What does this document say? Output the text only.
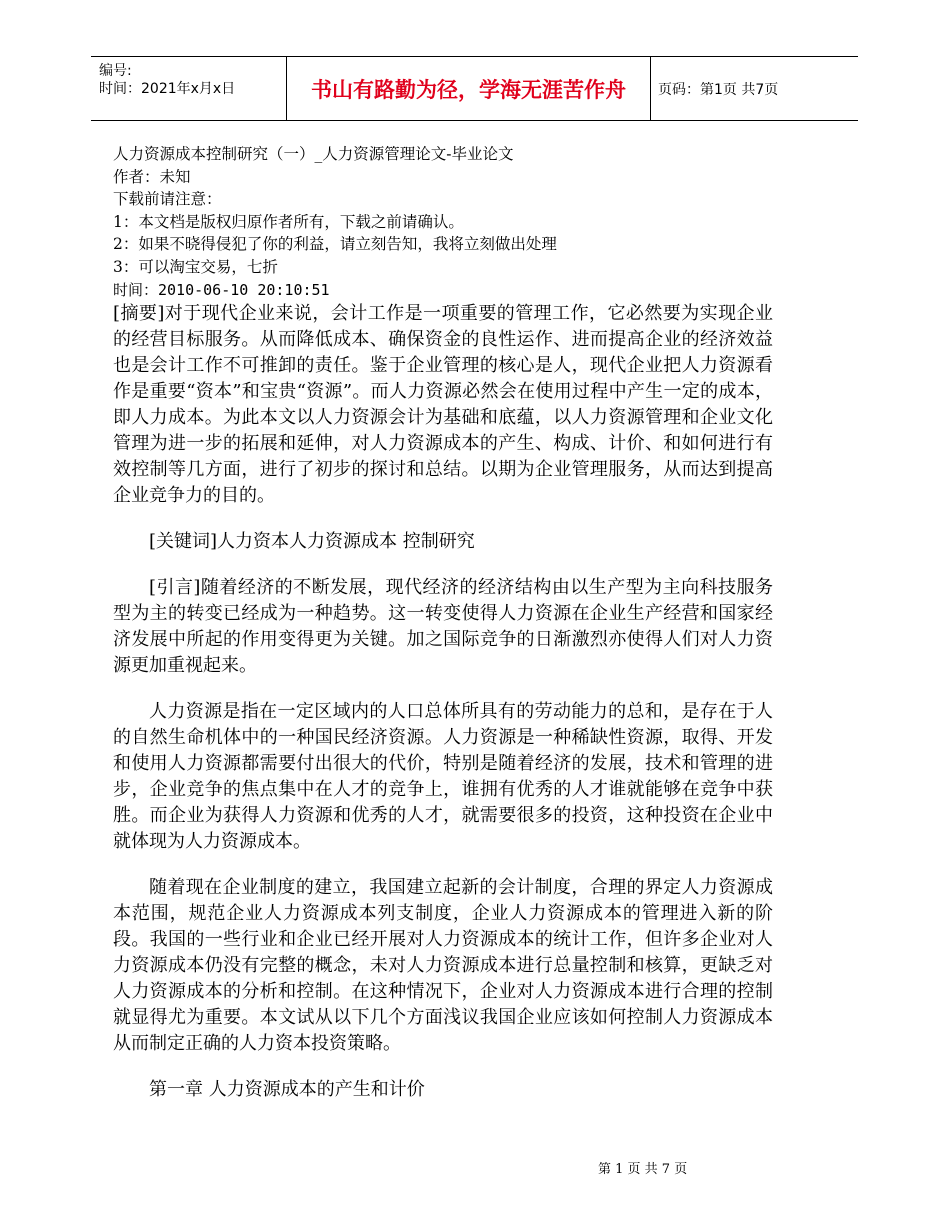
编号:
时间：2021年x月x日	书山有路勤为径，学海无涯苦作舟	页码：第1页 共7页
人力资源成本控制研究（一）_人力资源管理论文-毕业论文
作者：未知
下载前请注意：
1：本文档是版权归原作者所有，下载之前请确认。
2：如果不晓得侵犯了你的利益，请立刻告知，我将立刻做出处理
3：可以淘宝交易，七折
时间：2010-06-10 20:10:51

[摘要]对于现代企业来说，会计工作是一项重要的管理工作，它必然要为实现企业的经营目标服务。从而降低成本、确保资金的良性运作、进而提高企业的经济效益也是会计工作不可推卸的责任。鉴于企业管理的核心是人，现代企业把人力资源看作是重要“资本”和宝贵“资源”。而人力资源必然会在使用过程中产生一定的成本，即人力成本。为此本文以人力资源会计为基础和底蕴，以人力资源管理和企业文化管理为进一步的拓展和延伸，对人力资源成本的产生、构成、计价、和如何进行有效控制等几方面，进行了初步的探讨和总结。以期为企业管理服务，从而达到提高企业竞争力的目的。

[关键词]人力资本人力资源成本 控制研究

[引言]随着经济的不断发展，现代经济的经济结构由以生产型为主向科技服务型为主的转变已经成为一种趋势。这一转变使得人力资源在企业生产经营和国家经济发展中所起的作用变得更为关键。加之国际竞争的日渐激烈亦使得人们对人力资源更加重视起来。

人力资源是指在一定区域内的人口总体所具有的劳动能力的总和，是存在于人的自然生命机体中的一种国民经济资源。人力资源是一种稀缺性资源，取得、开发和使用人力资源都需要付出很大的代价，特别是随着经济的发展，技术和管理的进步，企业竞争的焦点集中在人才的竞争上，谁拥有优秀的人才谁就能够在竞争中获胜。而企业为获得人力资源和优秀的人才，就需要很多的投资，这种投资在企业中就体现为人力资源成本。

随着现在企业制度的建立，我国建立起新的会计制度，合理的界定人力资源成本范围，规范企业人力资源成本列支制度，企业人力资源成本的管理进入新的阶段。我国的一些行业和企业已经开展对人力资源成本的统计工作，但许多企业对人力资源成本仍没有完整的概念，未对人力资源成本进行总量控制和核算，更缺乏对人力资源成本的分析和控制。在这种情况下，企业对人力资源成本进行合理的控制就显得尤为重要。本文试从以下几个方面浅议我国企业应该如何控制人力资源成本从而制定正确的人力资本投资策略。

第一章 人力资源成本的产生和计价

第 1 页 共 7 页
